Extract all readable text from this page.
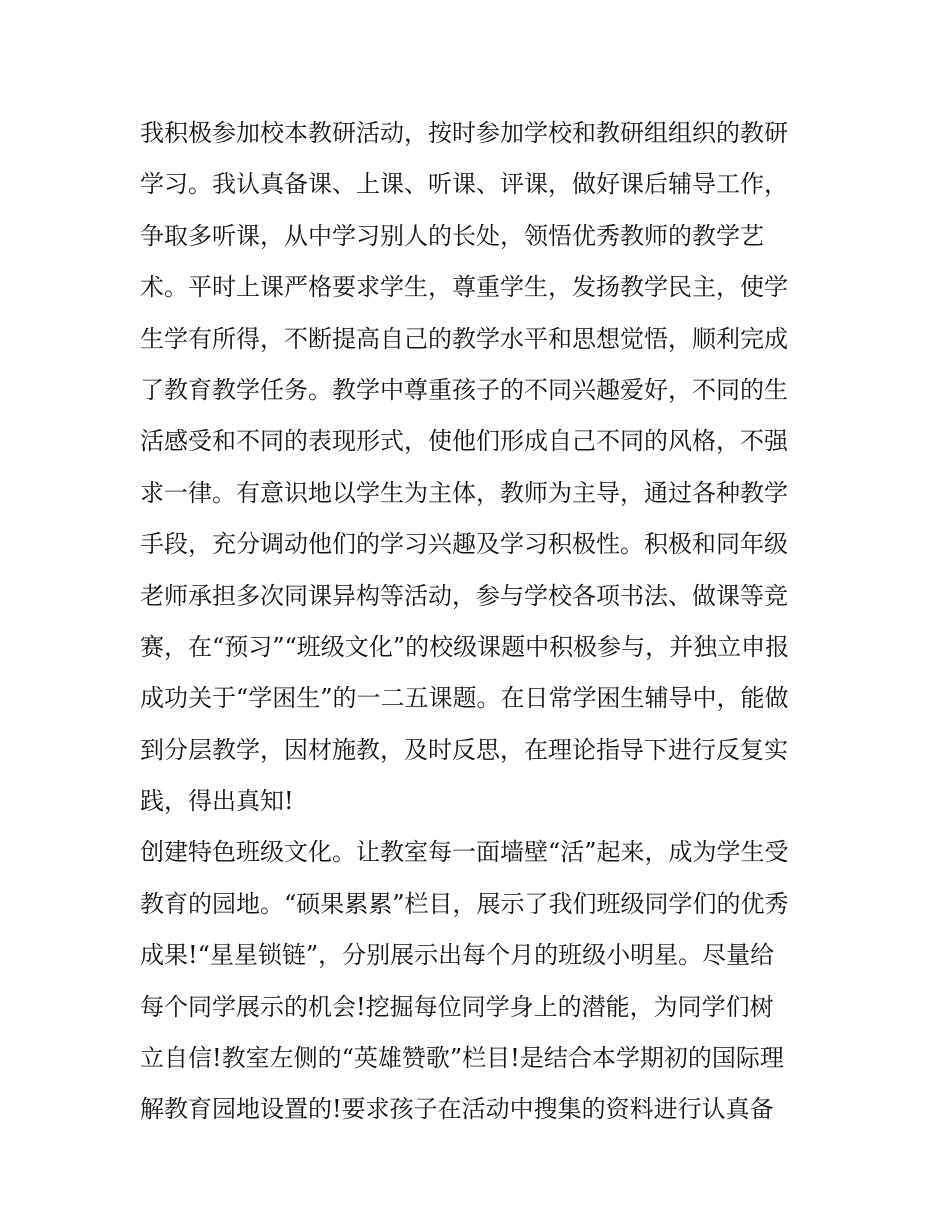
我积极参加校本教研活动，按时参加学校和教研组组织的教研
学习。我认真备课、上课、听课、评课，做好课后辅导工作，
争取多听课，从中学习别人的长处，领悟优秀教师的教学艺
术。平时上课严格要求学生，尊重学生，发扬教学民主，使学
生学有所得，不断提高自己的教学水平和思想觉悟，顺利完成
了教育教学任务。教学中尊重孩子的不同兴趣爱好，不同的生
活感受和不同的表现形式，使他们形成自己不同的风格，不强
求一律。有意识地以学生为主体，教师为主导，通过各种教学
手段，充分调动他们的学习兴趣及学习积极性。积极和同年级
老师承担多次同课异构等活动，参与学校各项书法、做课等竞
赛，在“预习”“班级文化”的校级课题中积极参与，并独立申报
成功关于“学困生”的一二五课题。在日常学困生辅导中，能做
到分层教学，因材施教，及时反思，在理论指导下进行反复实
践，得出真知!
创建特色班级文化。让教室每一面墙壁“活”起来，成为学生受
教育的园地。“硕果累累”栏目，展示了我们班级同学们的优秀
成果!“星星锁链”，分别展示出每个月的班级小明星。尽量给
每个同学展示的机会!挖掘每位同学身上的潜能，为同学们树
立自信!教室左侧的“英雄赞歌”栏目!是结合本学期初的国际理
解教育园地设置的!要求孩子在活动中搜集的资料进行认真备
